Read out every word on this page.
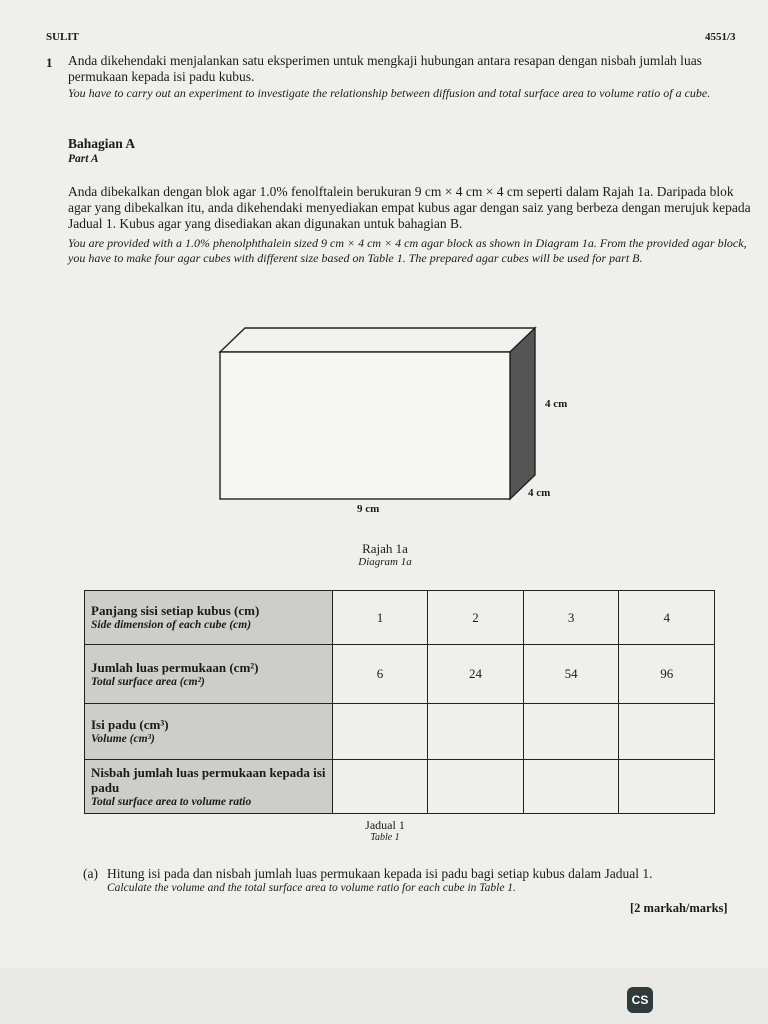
SULIT	4551/3
1 Anda dikehendaki menjalankan satu eksperimen untuk mengkaji hubungan antara resapan dengan nisbah jumlah luas permukaan kepada isi padu kubus.
You have to carry out an experiment to investigate the relationship between diffusion and total surface area to volume ratio of a cube.
Bahagian A
Part A
Anda dibekalkan dengan blok agar 1.0% fenolftalein berukuran 9 cm × 4 cm × 4 cm seperti dalam Rajah 1a. Daripada blok agar yang dibekalkan itu, anda dikehendaki menyediakan empat kubus agar dengan saiz yang berbeza dengan merujuk kepada Jadual 1. Kubus agar yang disediakan akan digunakan untuk bahagian B.
You are provided with a 1.0% phenolphthalein sized 9 cm × 4 cm × 4 cm agar block as shown in Diagram 1a. From the provided agar block, you have to make four agar cubes with different size based on Table 1. The prepared agar cubes will be used for part B.
4 cm
4 cm
9 cm
Rajah 1a
Diagram 1a
Panjang sisi setiap kubus (cm)
Side dimension of each cube (cm)	1	2	3	4

Jumlah luas permukaan (cm²)
Total surface area (cm²)	6	24	54	96

Isi padu (cm³)
Volume (cm³)				

Nisbah jumlah luas permukaan kepada isi padu
Total surface area to volume ratio				

Jadual 1
Table 1
(a) Hitung isi pada dan nisbah jumlah luas permukaan kepada isi padu bagi setiap kubus dalam Jadual 1.
Calculate the volume and the total surface area to volume ratio for each cube in Table 1.
[2 markah/marks]
CS
